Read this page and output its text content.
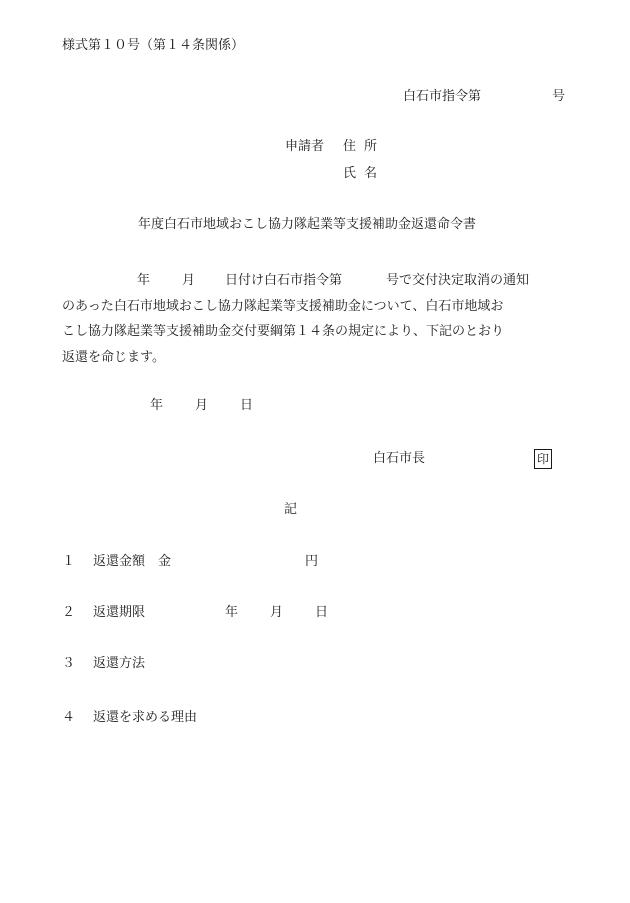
様式第１０号（第１４条関係）
白石市指令第	号
申請者 住所
氏名
年度白石市地域おこし協力隊起業等支援補助金返還命令書
年 月 日付け白石市指令第	号で交付決定取消の通知
のあった白石市地域おこし協力隊起業等支援補助金について、白石市地域お
こし協力隊起業等支援補助金交付要綱第１４条の規定により、下記のとおり
返還を命じます。
年 月 日
白石市長	印
記
１ 返還金額 金	円
２ 返還期限	年 月 日
３ 返還方法
４ 返還を求める理由
